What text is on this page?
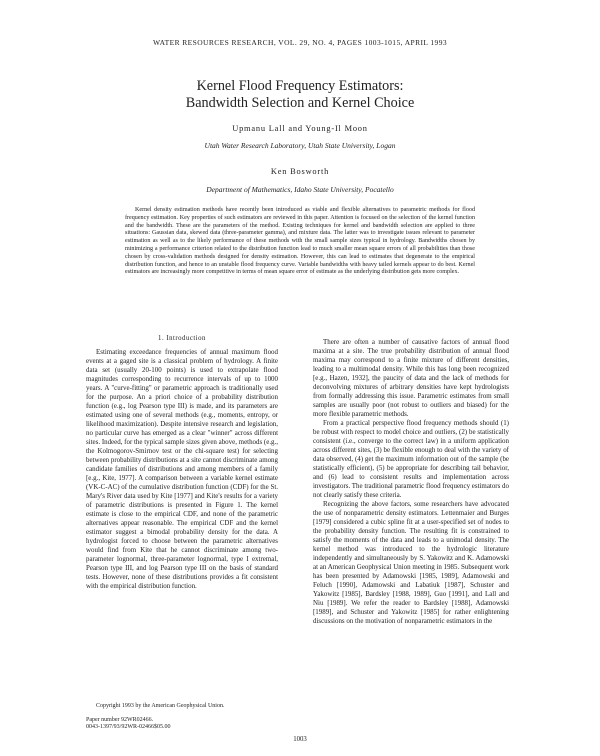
WATER RESOURCES RESEARCH, VOL. 29, NO. 4, PAGES 1003-1015, APRIL 1993
Kernel Flood Frequency Estimators:
Bandwidth Selection and Kernel Choice
Upmanu Lall and Young-Il Moon
Utah Water Research Laboratory, Utah State University, Logan
Ken Bosworth
Department of Mathematics, Idaho State University, Pocatello
Kernel density estimation methods have recently been introduced as viable and flexible alternatives to parametric methods for flood frequency estimation. Key properties of such estimators are reviewed in this paper. Attention is focused on the selection of the kernel function and the bandwidth. These are the parameters of the method. Existing techniques for kernel and bandwidth selection are applied to three situations: Gaussian data, skewed data (three-parameter gamma), and mixture data. The latter was to investigate issues relevant to parameter estimation as well as to the likely performance of these methods with the small sample sizes typical in hydrology. Bandwidths chosen by minimizing a performance criterion related to the distribution function lead to much smaller mean square errors of all probabilities than those chosen by cross-validation methods designed for density estimation. However, this can lead to estimates that degenerate to the empirical distribution function, and hence to an unstable flood frequency curve. Variable bandwidths with heavy tailed kernels appear to do best. Kernel estimators are increasingly more competitive in terms of mean square error of estimate as the underlying distribution gets more complex.
1. Introduction

Estimating exceedance frequencies of annual maximum flood events at a gaged site is a classical problem of hydrology. A finite data set (usually 20-100 points) is used to extrapolate flood magnitudes corresponding to recurrence intervals of up to 1000 years. A "curve-fitting" or parametric approach is traditionally used for the purpose. An a priori choice of a probability distribution function (e.g., log Pearson type III) is made, and its parameters are estimated using one of several methods (e.g., moments, entropy, or likelihood maximization). Despite intensive research and legislation, no particular curve has emerged as a clear "winner" across different sites. Indeed, for the typical sample sizes given above, methods (e.g., the Kolmogorov-Smirnov test or the chi-square test) for selecting between probability distributions at a site cannot discriminate among candidate families of distributions and among members of a family [e.g., Kite, 1977]. A comparison between a variable kernel estimate (VK-C-AC) of the cumulative distribution function (CDF) for the St. Mary's River data used by Kite [1977] and Kite's results for a variety of parametric distributions is presented in Figure 1. The kernel estimate is close to the empirical CDF, and none of the parametric alternatives appear reasonable. The empirical CDF and the kernel estimator suggest a bimodal probability density for the data. A hydrologist forced to choose between the parametric alternatives would find from Kite that he cannot discriminate among two-parameter lognormal, three-parameter lognormal, type I extremal, Pearson type III, and log Pearson type III on the basis of standard tests. However, none of these distributions provides a fit consistent with the empirical distribution function.

There are often a number of causative factors of annual flood maxima at a site. The true probability distribution of annual flood maxima may correspond to a finite mixture of different densities, leading to a multimodal density. While this has long been recognized [e.g., Hazen, 1932], the paucity of data and the lack of methods for deconvolving mixtures of arbitrary densities have kept hydrologists from formally addressing this issue. Parametric estimates from small samples are usually poor (not robust to outliers and biased) for the more flexible parametric methods.

From a practical perspective flood frequency methods should (1) be robust with respect to model choice and outliers, (2) be statistically consistent (i.e., converge to the correct law) in a uniform application across different sites, (3) be flexible enough to deal with the variety of data observed, (4) get the maximum information out of the sample (be statistically efficient), (5) be appropriate for describing tail behavior, and (6) lead to consistent results and implementation across investigators. The traditional parametric flood frequency estimators do not clearly satisfy these criteria.

Recognizing the above factors, some researchers have advocated the use of nonparametric density estimators. Lettenmaier and Burges [1979] considered a cubic spline fit at a user-specified set of nodes to the probability density function. The resulting fit is constrained to satisfy the moments of the data and leads to a unimodal density. The kernel method was introduced to the hydrologic literature independently and simultaneously by S. Yakowitz and K. Adamowski at an American Geophysical Union meeting in 1985. Subsequent work has been presented by Adamowski [1985, 1989], Adamowski and Feluch [1990], Adamowski and Labatiuk [1987], Schuster and Yakowitz [1985], Bardsley [1988, 1989], Guo [1991], and Lall and Niu [1989]. We refer the reader to Bardsley [1988], Adamowski [1989], and Schuster and Yakowitz [1985] for rather enlightening discussions on the motivation of nonparametric estimators in the

Copyright 1993 by the American Geophysical Union.

Paper number 92WR02466.

0043-1397/93/92WR-02466$05.00

1003
